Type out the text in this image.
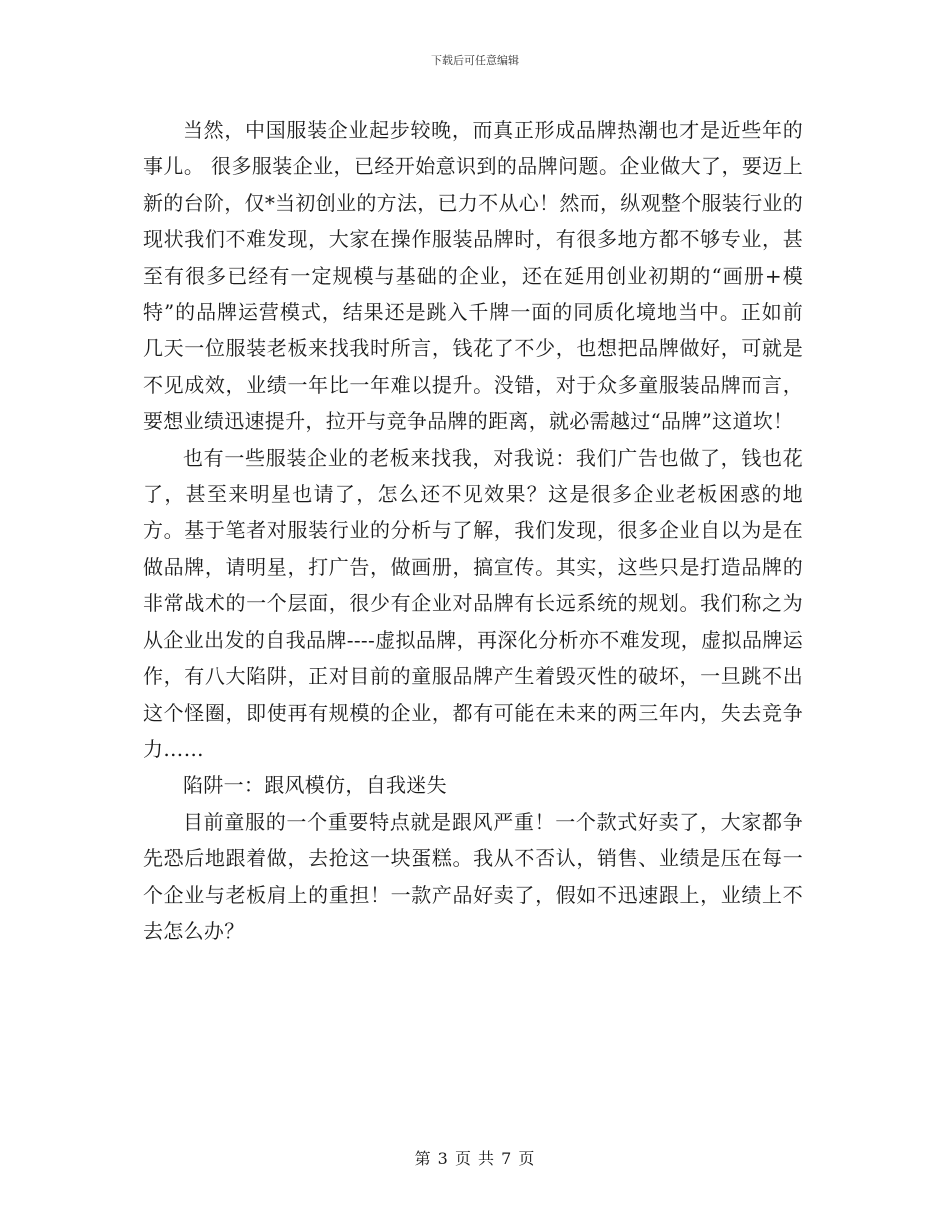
下载后可任意编辑

当然，中国服装企业起步较晚，而真正形成品牌热潮也才是近些年的事儿。 很多服装企业，已经开始意识到的品牌问题。企业做大了，要迈上新的台阶，仅*当初创业的方法，已力不从心！然而，纵观整个服装行业的现状我们不难发现，大家在操作服装品牌时，有很多地方都不够专业，甚至有很多已经有一定规模与基础的企业，还在延用创业初期的“画册+模特”的品牌运营模式，结果还是跳入千牌一面的同质化境地当中。正如前几天一位服装老板来找我时所言，钱花了不少，也想把品牌做好，可就是不见成效，业绩一年比一年难以提升。没错，对于众多童服装品牌而言，要想业绩迅速提升，拉开与竞争品牌的距离，就必需越过“品牌”这道坎！

也有一些服装企业的老板来找我，对我说：我们广告也做了，钱也花了，甚至来明星也请了，怎么还不见效果？这是很多企业老板困惑的地方。基于笔者对服装行业的分析与了解，我们发现，很多企业自以为是在做品牌，请明星，打广告，做画册，搞宣传。其实，这些只是打造品牌的非常战术的一个层面，很少有企业对品牌有长远系统的规划。我们称之为从企业出发的自我品牌----虚拟品牌，再深化分析亦不难发现，虚拟品牌运作，有八大陷阱，正对目前的童服品牌产生着毁灭性的破坏，一旦跳不出这个怪圈，即使再有规模的企业，都有可能在未来的两三年内，失去竞争力……

陷阱一：跟风模仿，自我迷失

目前童服的一个重要特点就是跟风严重！一个款式好卖了，大家都争先恐后地跟着做，去抢这一块蛋糕。我从不否认，销售、业绩是压在每一个企业与老板肩上的重担！一款产品好卖了，假如不迅速跟上，业绩上不去怎么办？

第 3 页 共 7 页
